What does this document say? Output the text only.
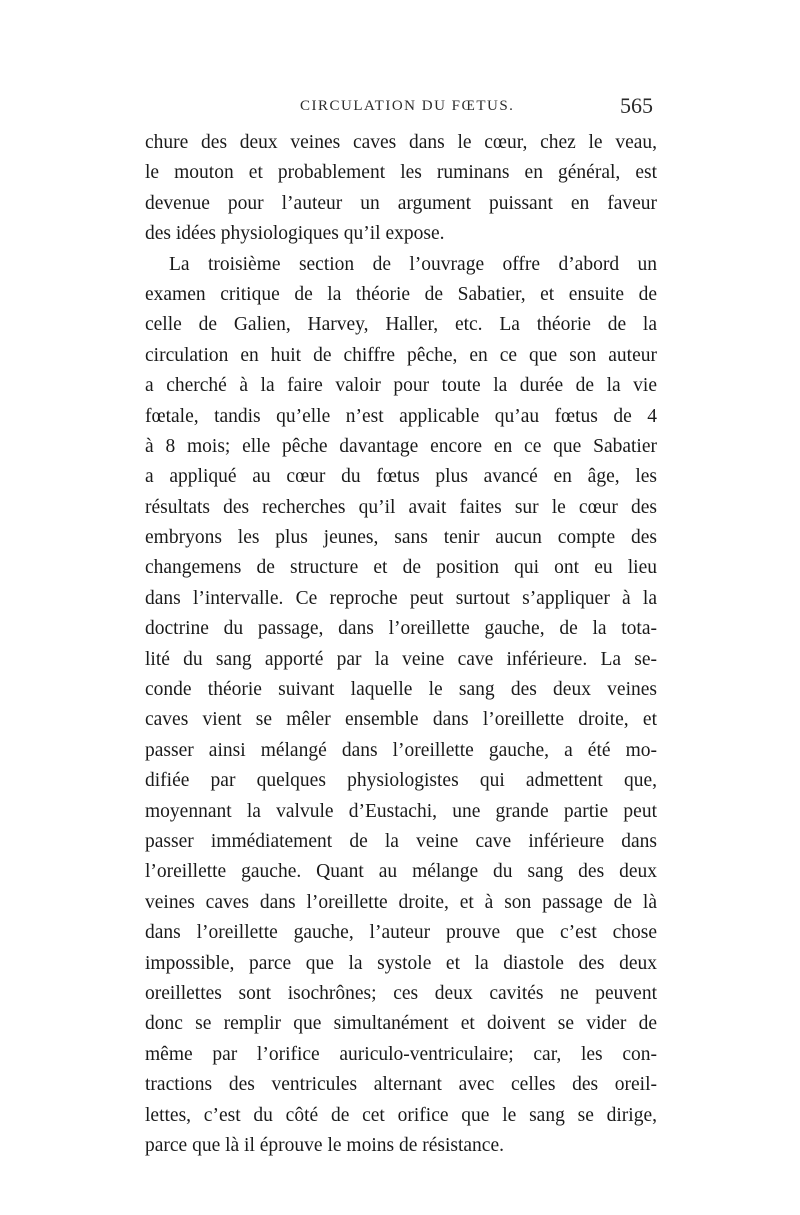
CIRCULATION DU FŒTUS.	565
chure des deux veines caves dans le cœur, chez le veau,
le mouton et probablement les ruminans en général, est
devenue pour l’auteur un argument puissant en faveur
des idées physiologiques qu’il expose.
La troisième section de l’ouvrage offre d’abord un
examen critique de la théorie de Sabatier, et ensuite de
celle de Galien, Harvey, Haller, etc. La théorie de la
circulation en huit de chiffre pêche, en ce que son auteur
a cherché à la faire valoir pour toute la durée de la vie
fœtale, tandis qu’elle n’est applicable qu’au fœtus de 4
à 8 mois; elle pêche davantage encore en ce que Sabatier
a appliqué au cœur du fœtus plus avancé en âge, les
résultats des recherches qu’il avait faites sur le cœur des
embryons les plus jeunes, sans tenir aucun compte des
changemens de structure et de position qui ont eu lieu
dans l’intervalle. Ce reproche peut surtout s’appliquer à la
doctrine du passage, dans l’oreillette gauche, de la tota-
lité du sang apporté par la veine cave inférieure. La se-
conde théorie suivant laquelle le sang des deux veines
caves vient se mêler ensemble dans l’oreillette droite, et
passer ainsi mélangé dans l’oreillette gauche, a été mo-
difiée par quelques physiologistes qui admettent que,
moyennant la valvule d’Eustachi, une grande partie peut
passer immédiatement de la veine cave inférieure dans
l’oreillette gauche. Quant au mélange du sang des deux
veines caves dans l’oreillette droite, et à son passage de là
dans l’oreillette gauche, l’auteur prouve que c’est chose
impossible, parce que la systole et la diastole des deux
oreillettes sont isochrônes; ces deux cavités ne peuvent
donc se remplir que simultanément et doivent se vider de
même par l’orifice auriculo-ventriculaire; car, les con-
tractions des ventricules alternant avec celles des oreil-
lettes, c’est du côté de cet orifice que le sang se dirige,
parce que là il éprouve le moins de résistance.
